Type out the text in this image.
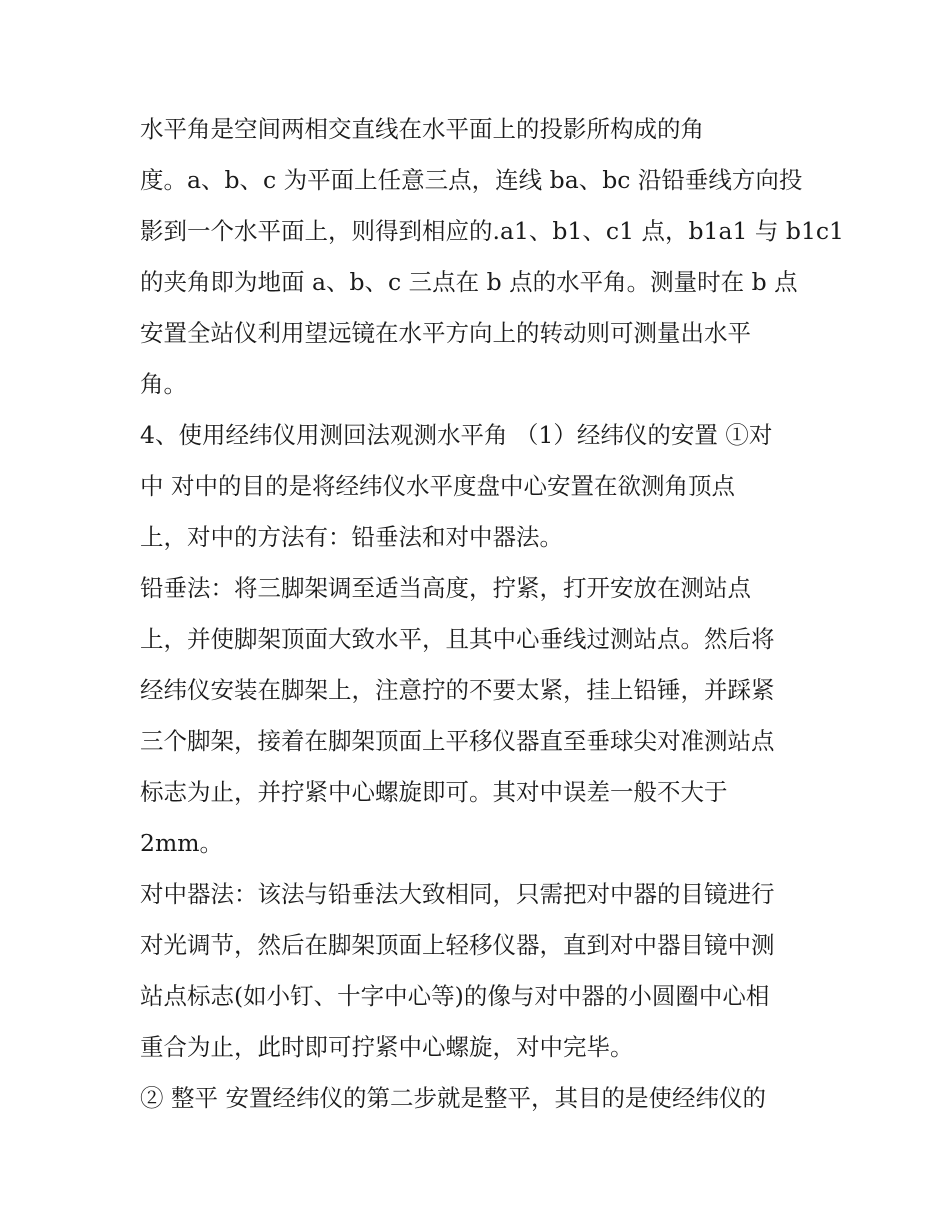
水平角是空间两相交直线在水平面上的投影所构成的角
度。a、b、c 为平面上任意三点，连线 ba、bc 沿铅垂线方向投
影到一个水平面上，则得到相应的.a1、b1、c1 点，b1a1 与 b1c1
的夹角即为地面 a、b、c 三点在 b 点的水平角。测量时在 b 点
安置全站仪利用望远镜在水平方向上的转动则可测量出水平
角。
4、使用经纬仪用测回法观测水平角 （1）经纬仪的安置 ①对
中 对中的目的是将经纬仪水平度盘中心安置在欲测角顶点
上，对中的方法有：铅垂法和对中器法。
铅垂法：将三脚架调至适当高度，拧紧，打开安放在测站点
上，并使脚架顶面大致水平，且其中心垂线过测站点。然后将
经纬仪安装在脚架上，注意拧的不要太紧，挂上铅锤，并踩紧
三个脚架，接着在脚架顶面上平移仪器直至垂球尖对准测站点
标志为止，并拧紧中心螺旋即可。其对中误差一般不大于
2mm。
对中器法：该法与铅垂法大致相同，只需把对中器的目镜进行
对光调节，然后在脚架顶面上轻移仪器，直到对中器目镜中测
站点标志(如小钉、十字中心等)的像与对中器的小圆圈中心相
重合为止，此时即可拧紧中心螺旋，对中完毕。
② 整平 安置经纬仪的第二步就是整平，其目的是使经纬仪的
